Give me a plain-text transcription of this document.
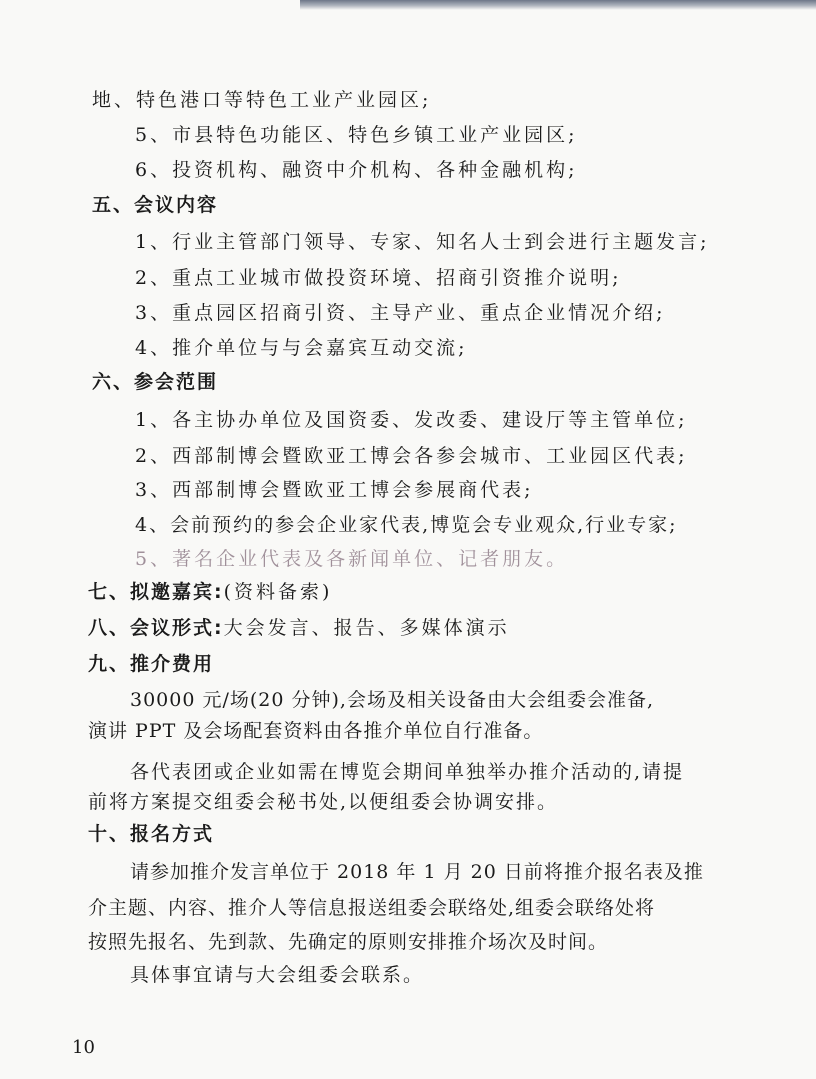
地、特色港口等特色工业产业园区;
5、市县特色功能区、特色乡镇工业产业园区;
6、投资机构、融资中介机构、各种金融机构;
五、会议内容
1、行业主管部门领导、专家、知名人士到会进行主题发言;
2、重点工业城市做投资环境、招商引资推介说明;
3、重点园区招商引资、主导产业、重点企业情况介绍;
4、推介单位与与会嘉宾互动交流;
六、参会范围
1、各主协办单位及国资委、发改委、建设厅等主管单位;
2、西部制博会暨欧亚工博会各参会城市、工业园区代表;
3、西部制博会暨欧亚工博会参展商代表;
4、会前预约的参会企业家代表,博览会专业观众,行业专家;
5、著名企业代表及各新闻单位、记者朋友。
七、拟邀嘉宾:(资料备索)
八、会议形式:大会发言、报告、多媒体演示
九、推介费用
30000 元/场(20 分钟),会场及相关设备由大会组委会准备,
演讲 PPT 及会场配套资料由各推介单位自行准备。
各代表团或企业如需在博览会期间单独举办推介活动的,请提
前将方案提交组委会秘书处,以便组委会协调安排。
十、报名方式
请参加推介发言单位于 2018 年 1 月 20 日前将推介报名表及推
介主题、内容、推介人等信息报送组委会联络处,组委会联络处将
按照先报名、先到款、先确定的原则安排推介场次及时间。
具体事宜请与大会组委会联系。
10
